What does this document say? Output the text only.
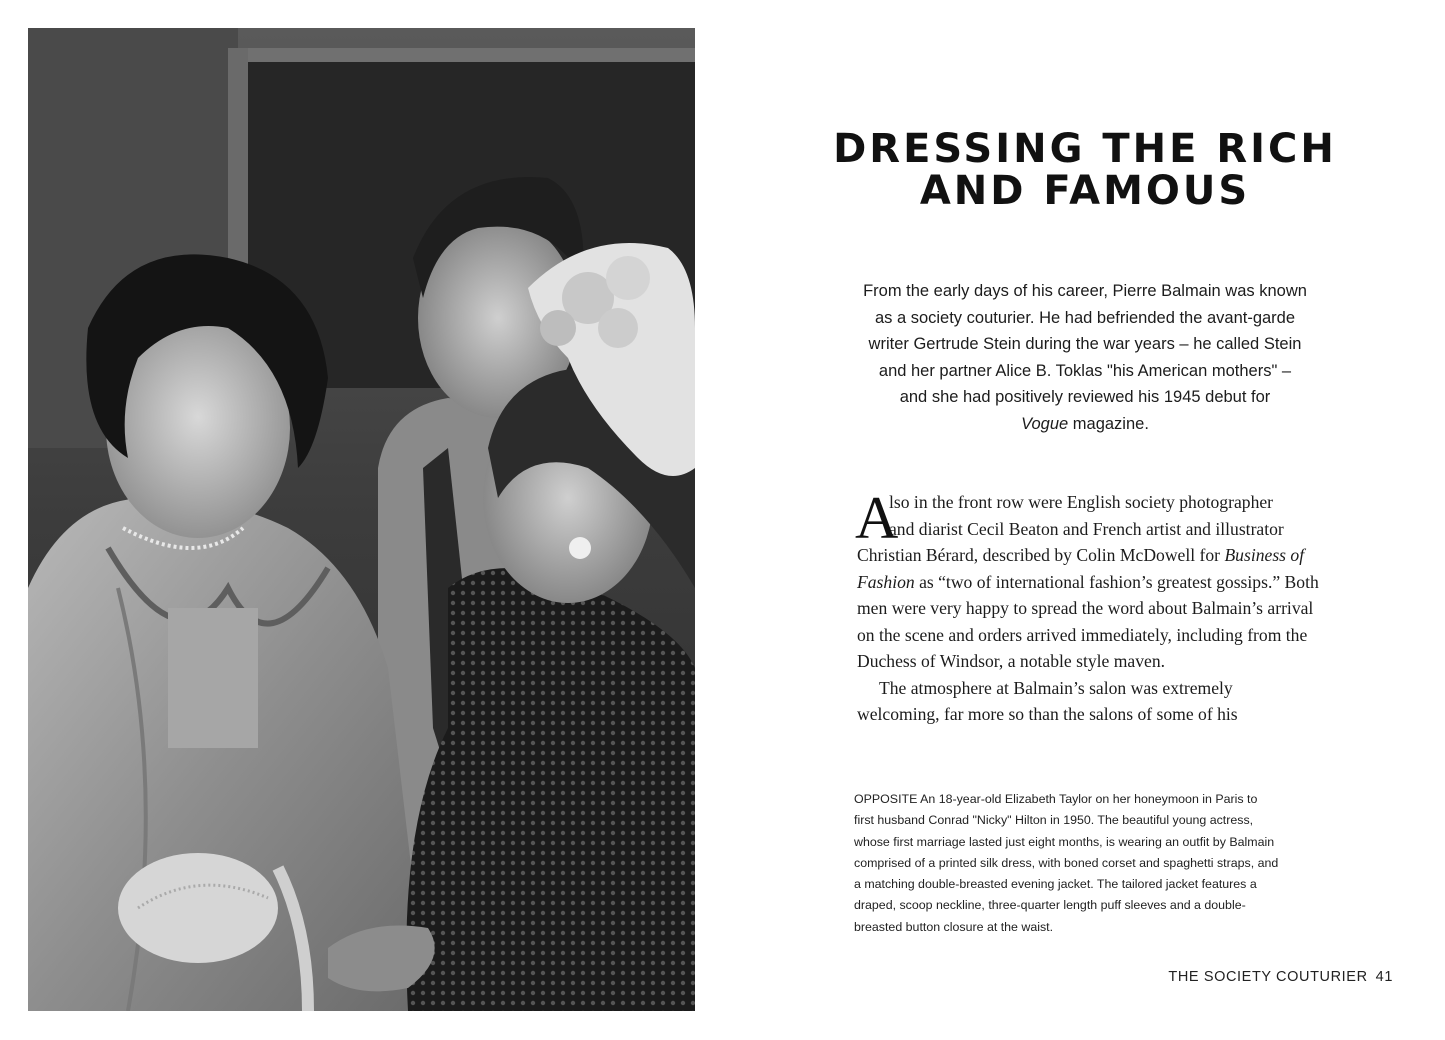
DRESSING THE RICH
AND FAMOUS
From the early days of his career, Pierre Balmain was known
as a society couturier. He had befriended the avant-garde
writer Gertrude Stein during the war years – he called Stein
and her partner Alice B. Toklas "his American mothers" –
and she had positively reviewed his 1945 debut for
Vogue magazine.
A
lso in the front row were English society photographer
and diarist Cecil Beaton and French artist and illustrator
Christian Bérard, described by Colin McDowell for Business of
Fashion as “two of international fashion’s greatest gossips.” Both
men were very happy to spread the word about Balmain’s arrival
on the scene and orders arrived immediately, including from the
Duchess of Windsor, a notable style maven.
The atmosphere at Balmain’s salon was extremely
welcoming, far more so than the salons of some of his
OPPOSITE An 18-year-old Elizabeth Taylor on her honeymoon in Paris to
first husband Conrad "Nicky" Hilton in 1950. The beautiful young actress,
whose first marriage lasted just eight months, is wearing an outfit by Balmain
comprised of a printed silk dress, with boned corset and spaghetti straps, and
a matching double-breasted evening jacket. The tailored jacket features a
draped, scoop neckline, three-quarter length puff sleeves and a double-
breasted button closure at the waist.
THE SOCIETY COUTURIER 41
